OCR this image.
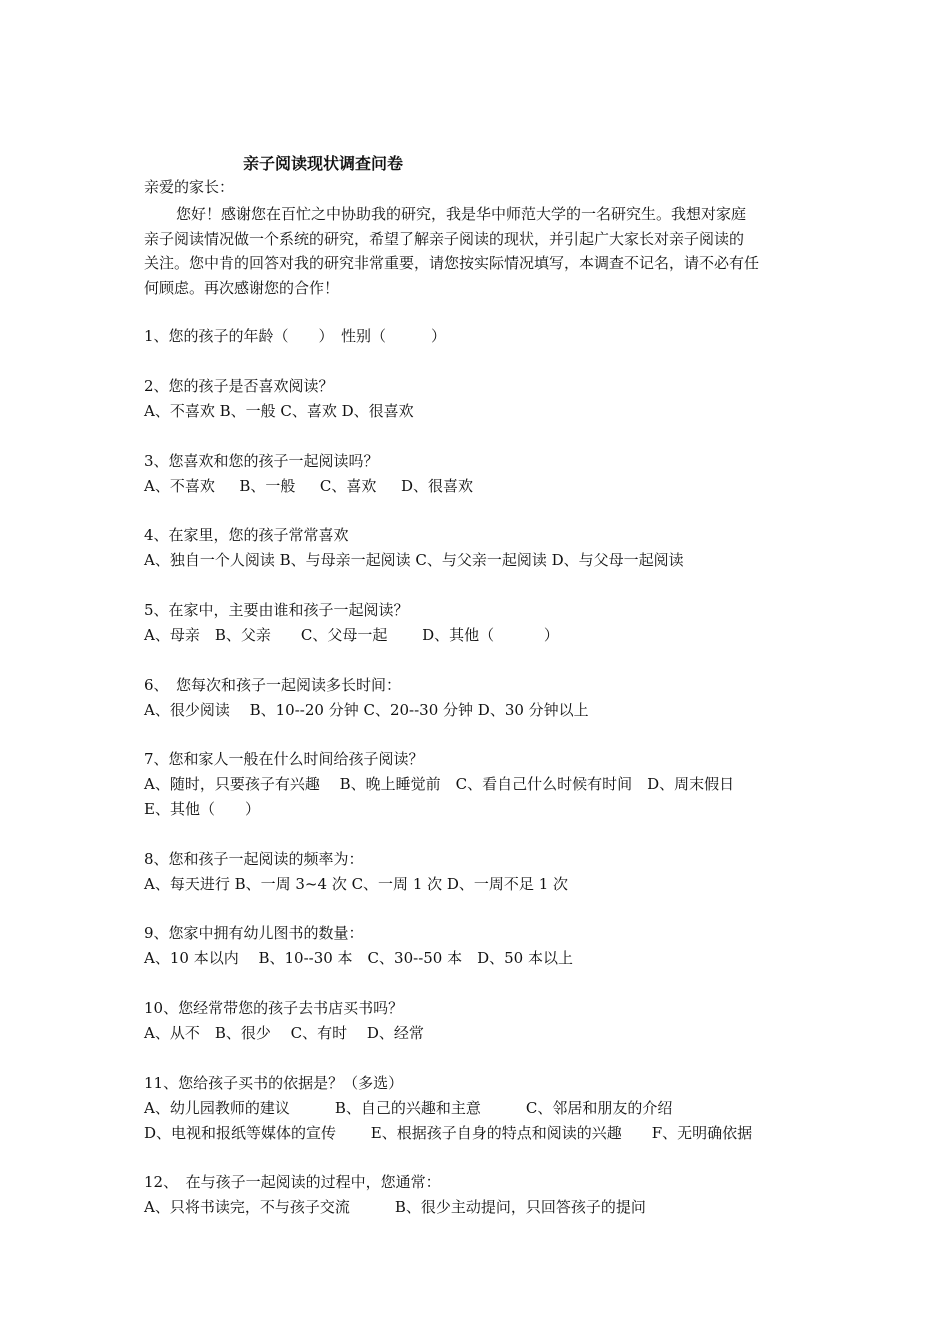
亲子阅读现状调查问卷
亲爱的家长：
您好！感谢您在百忙之中协助我的研究，我是华中师范大学的一名研究生。我想对家庭
亲子阅读情况做一个系统的研究，希望了解亲子阅读的现状，并引起广大家长对亲子阅读的
关注。您中肯的回答对我的研究非常重要，请您按实际情况填写，本调查不记名，请不必有任
何顾虑。再次感谢您的合作！
1、您的孩子的年龄（　　）　性别（　　　）
2、您的孩子是否喜欢阅读？
A、不喜欢 B、一般 C、喜欢 D、很喜欢
3、您喜欢和您的孩子一起阅读吗？
A、不喜欢　  B、一般　  C、喜欢　  D、很喜欢
4、在家里，您的孩子常常喜欢
A、独自一个人阅读 B、与母亲一起阅读 C、与父亲一起阅读 D、与父母一起阅读
5、在家中，主要由谁和孩子一起阅读？
A、母亲　B、父亲　　C、父母一起　　 D、其他（　　　 ）
6、　您每次和孩子一起阅读多长时间：
A、很少阅读　 B、10--20 分钟 C、20--30 分钟 D、30 分钟以上
7、您和家人一般在什么时间给孩子阅读？
A、随时，只要孩子有兴趣　 B、晚上睡觉前　C、看自己什么时候有时间　D、周末假日
E、其他（　　）
8、您和孩子一起阅读的频率为：
A、每天进行 B、一周 3~4 次 C、一周 1 次 D、一周不足 1 次
9、您家中拥有幼儿图书的数量：
A、10 本以内　 B、10--30 本　C、30--50 本　D、50 本以上
10、您经常带您的孩子去书店买书吗？
A、从不　B、很少　 C、有时　 D、经常
11、您给孩子买书的依据是？（多选）
A、幼儿园教师的建议　　　B、自己的兴趣和主意　　　C、邻居和朋友的介绍
D、电视和报纸等媒体的宣传　　 E、根据孩子自身的特点和阅读的兴趣　　F、无明确依据
12、　在与孩子一起阅读的过程中，您通常：
A、只将书读完，不与孩子交流　　　B、很少主动提问，只回答孩子的提问
